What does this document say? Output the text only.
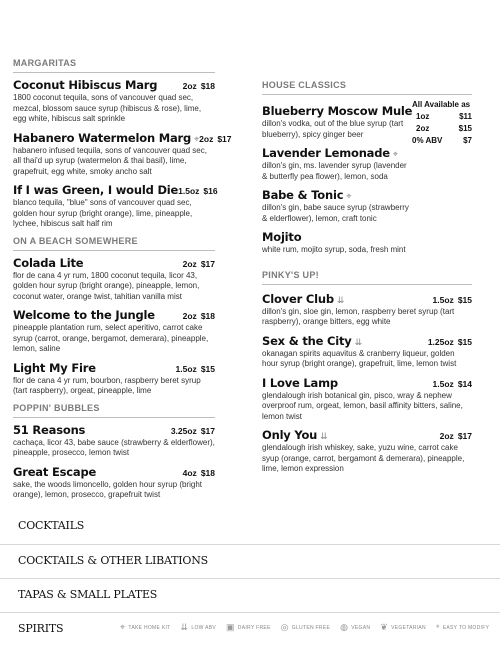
MARGARITAS
Coconut Hibiscus Marg	2oz $18
1800 coconut tequila, sons of vancouver quad sec, mezcal, blossom sauce syrup (hibiscus & rose), lime, egg white, hibiscus salt sprinkle
Habanero Watermelon Marg ⌖ 2oz $17
habanero infused tequila, sons of vancouver quad sec, all thai'd up syrup (watermelon & thai basil), lime, grapefruit, egg white, smoky ancho salt
If I was Green, I would Die 1.5oz $16
blanco tequila, "blue" sons of vancouver quad sec, golden hour syrup (bright orange), lime, pineapple, lychee, hibiscus salt half rim
ON A BEACH SOMEWHERE
Colada Lite	2oz $17
flor de cana 4 yr rum, 1800 coconut tequila, licor 43, golden hour syrup (bright orange), pineapple, lemon, coconut water, orange twist, tahitian vanilla mist
Welcome to the Jungle	2oz $18
pineapple plantation rum, select aperitivo, carrot cake syrup (carrot, orange, bergamot, demerara), pineapple, lemon, saline
Light My Fire	1.5oz $15
flor de cana 4 yr rum, bourbon, raspberry beret syrup (tart raspberry), orgeat, pineapple, lime
POPPIN' BUBBLES
51 Reasons	3.25oz $17
cachaça, licor 43, babe sauce (strawberry & elderflower), pineapple, prosecco, lemon twist
Great Escape	4oz $18
sake, the woods limoncello, golden hour syrup (bright orange), lemon, prosecco, grapefruit twist
HOUSE CLASSICS
Blueberry Moscow Mule
dillon's vodka, out of the blue syrup (tart blueberry), spicy ginger beer
Lavender Lemonade ⌖
dillon's gin, ms. lavender syrup (lavender & butterfly pea flower), lemon, soda
Babe & Tonic ⌖
dillon's gin, babe sauce syrup (strawberry & elderflower), lemon, craft tonic
Mojito
white rum, mojito syrup, soda, fresh mint
PINKY'S UP!
Clover Club ⇊	1.5oz $15
dillon's gin, sloe gin, lemon, raspberry beret syrup (tart raspberry), orange bitters, egg white
Sex & the City ⇊	1.25oz $15
okanagan spirits aquavitus & cranberry liqueur, golden hour syrup (bright orange), grapefruit, lime, lemon twist
I Love Lamp	1.5oz $14
glendalough irish botanical gin, pisco, wray & nephew overproof rum, orgeat, lemon, basil affinity bitters, saline, lemon twist
Only You ⇊	2oz $17
glendalough irish whiskey, sake, yuzu wine, carrot cake syup (orange, carrot, bergamont & demerara), pineapple, lime, lemon expression
All Available as
1oz	$11
2oz	$15
0% ABV	$7
COCKTAILS
COCKTAILS & OTHER LIBATIONS
TAPAS & SMALL PLATES
SPIRITS	⌖ TAKE HOME KIT ⇊ LOW ABV ▣ DAIRY FREE ◎ GLUTEN FREE ◍ VEGAN ❦ VEGETARIAN * EASY TO MODIFY
